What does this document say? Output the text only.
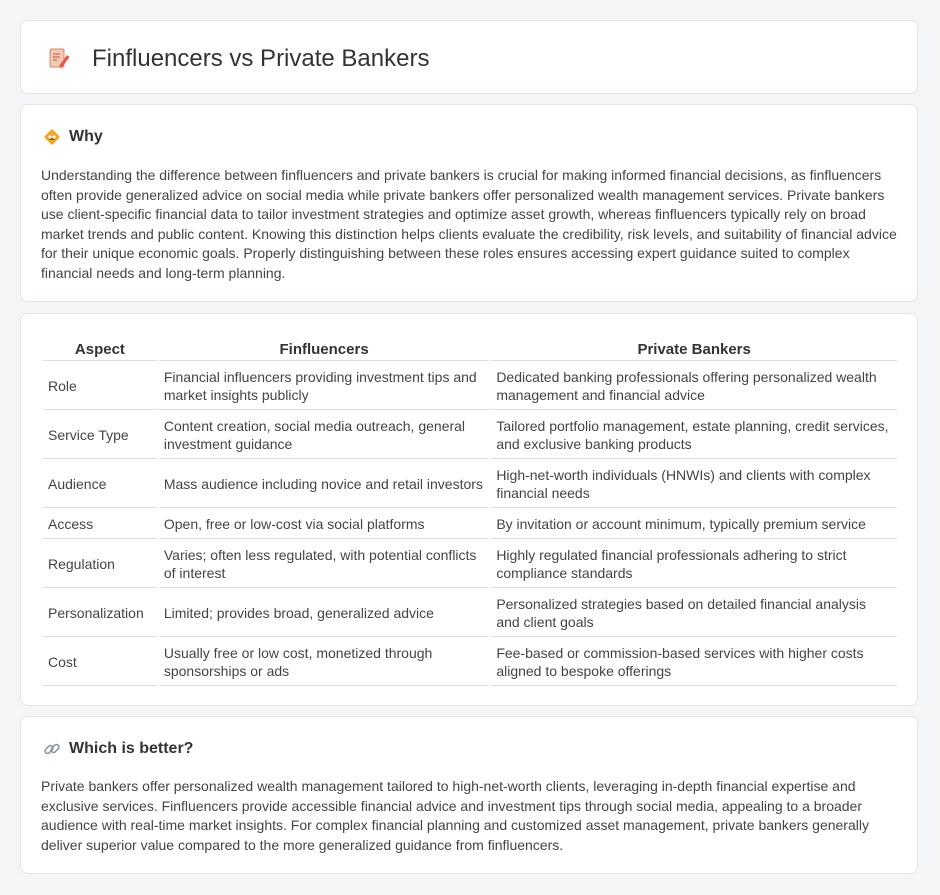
Finfluencers vs Private Bankers
Why

Understanding the difference between finfluencers and private bankers is crucial for making informed financial decisions, as finfluencers often provide generalized advice on social media while private bankers offer personalized wealth management services. Private bankers use client-specific financial data to tailor investment strategies and optimize asset growth, whereas finfluencers typically rely on broad market trends and public content. Knowing this distinction helps clients evaluate the credibility, risk levels, and suitability of financial advice for their unique economic goals. Properly distinguishing between these roles ensures accessing expert guidance suited to complex financial needs and long-term planning.

Aspect	Finfluencers	Private Bankers
Role	Financial influencers providing investment tips and market insights publicly	Dedicated banking professionals offering personalized wealth management and financial advice
Service Type	Content creation, social media outreach, general investment guidance	Tailored portfolio management, estate planning, credit services, and exclusive banking products
Audience	Mass audience including novice and retail investors	High-net-worth individuals (HNWIs) and clients with complex financial needs
Access	Open, free or low-cost via social platforms	By invitation or account minimum, typically premium service
Regulation	Varies; often less regulated, with potential conflicts of interest	Highly regulated financial professionals adhering to strict compliance standards
Personalization	Limited; provides broad, generalized advice	Personalized strategies based on detailed financial analysis and client goals
Cost	Usually free or low cost, monetized through sponsorships or ads	Fee-based or commission-based services with higher costs aligned to bespoke offerings
Which is better?

Private bankers offer personalized wealth management tailored to high-net-worth clients, leveraging in-depth financial expertise and exclusive services. Finfluencers provide accessible financial advice and investment tips through social media, appealing to a broader audience with real-time market insights. For complex financial planning and customized asset management, private bankers generally deliver superior value compared to the more generalized guidance from finfluencers.
